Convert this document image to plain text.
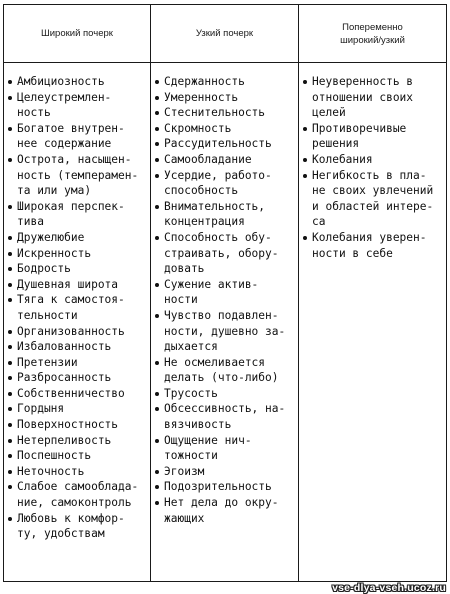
Широкий почерк	Узкий почерк
Попеременно
широкий/узкий
Амбициозность
Целеустремлен-
ность
Богатое внутрен-
нее содержание
Острота, насыщен-
ность (темперамен-
та или ума)
Широкая перспек-
тива
Дружелюбие
Искренность
Бодрость
Душевная широта
Тяга к самостоя-
тельности
Организованность
Избалованность
Претензии
Разбросанность
Собственничество
Гордыня
Поверхностность
Нетерпеливость
Поспешность
Неточность
Слабое самооблада-
ние, самоконтроль
Любовь к комфор-
ту, удобствам
Сдержанность
Умеренность
Стеснительность
Скромность
Рассудительность
Самообладание
Усердие, работо-
способность
Внимательность,
концентрация
Способность обу-
страивать, обору-
довать
Сужение актив-
ности
Чувство подавлен-
ности, душевно за-
дыхается
Не осмеливается
делать (что-либо)
Трусость
Обсессивность, на-
вязчивость
Ощущение нич-
тожности
Эгоизм
Подозрительность
Нет дела до окру-
жающих
Неуверенность в
отношении своих
целей
Противоречивые
решения
Колебания
Негибкость в пла-
не своих увлечений
и областей интере-
са
Колебания уверен-
ности в себе
vse-dlya-vseh.ucoz.ru
